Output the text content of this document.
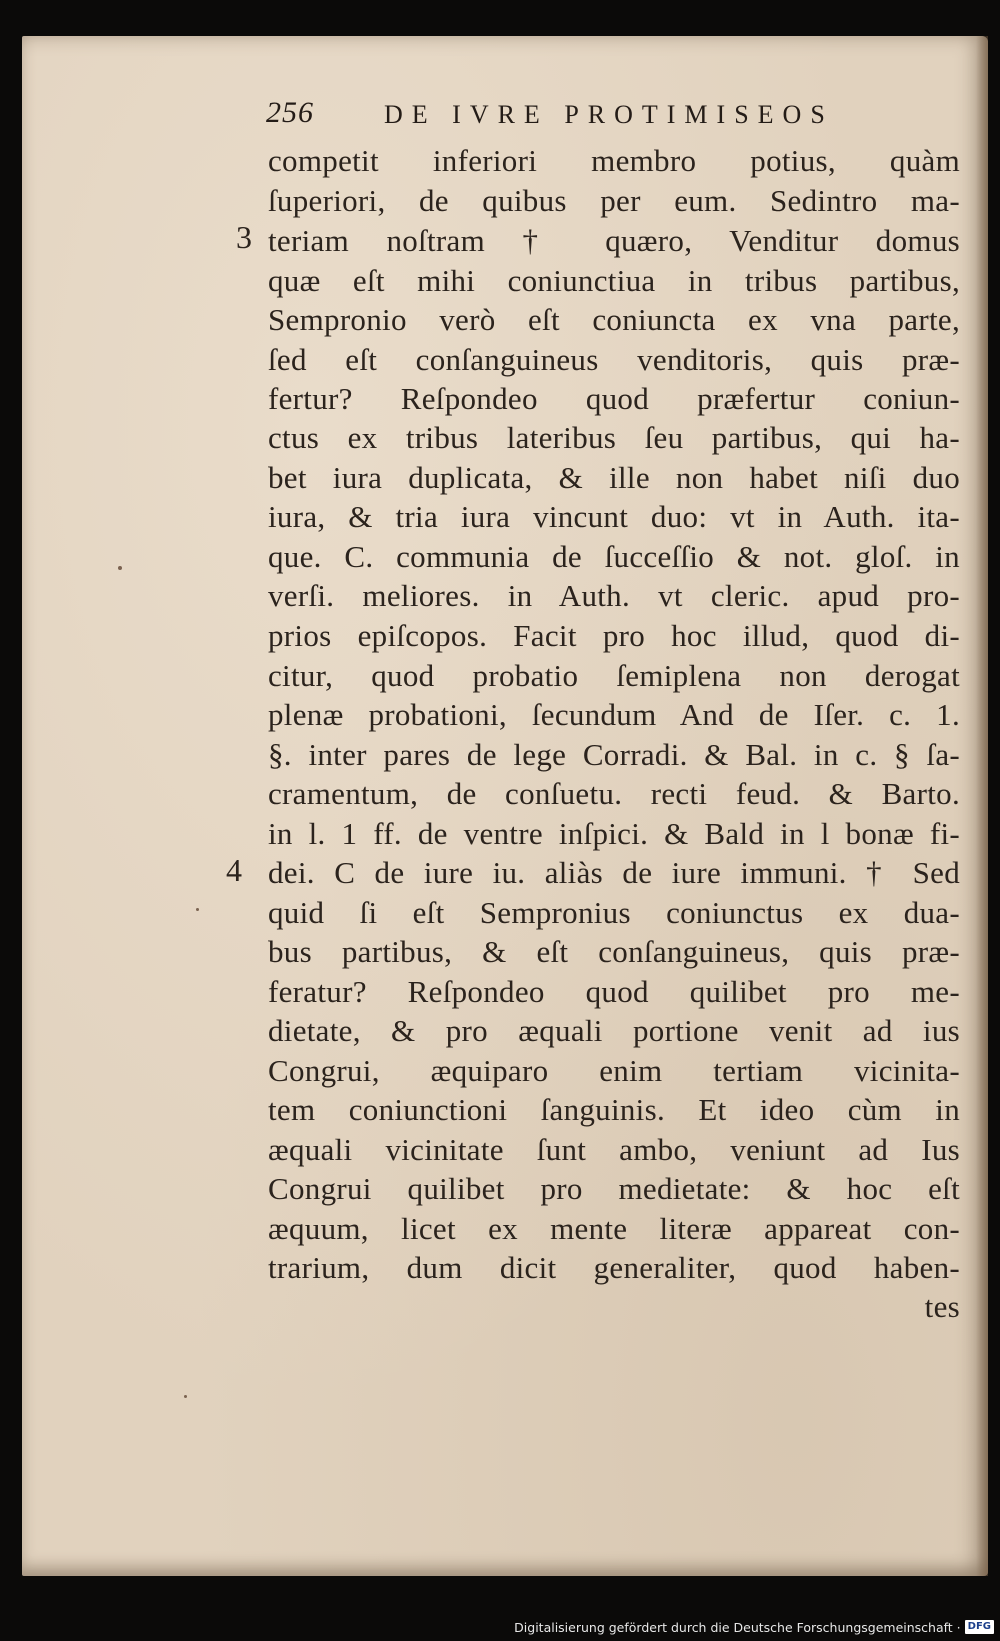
256	DE IVRE PROTIMISEOS
3
4
competit inferiori membro potius, quàm
ſuperiori, de quibus per eum. Sedintro ma-
teriam noſtram † quæro, Venditur domus
quæ eſt mihi coniunctiua in tribus partibus,
Sempronio verò eſt coniuncta ex vna parte,
ſed eſt conſanguineus venditoris, quis præ-
fertur? Reſpondeo quod præfertur coniun-
ctus ex tribus lateribus ſeu partibus, qui ha-
bet iura duplicata, & ille non habet niſi duo
iura, & tria iura vincunt duo: vt in Auth. ita-
que. C. communia de ſucceſſio & not. gloſ. in
verſi. meliores. in Auth. vt cleric. apud pro-
prios epiſcopos. Facit pro hoc illud, quod di-
citur, quod probatio ſemiplena non derogat
plenæ probationi, ſecundum And de Iſer. c. 1.
§. inter pares de lege Corradi. & Bal. in c. § ſa-
cramentum, de conſuetu. recti feud. & Barto.
in l. 1 ff. de ventre inſpici. & Bald in l bonæ fi-
dei. C de iure iu. aliàs de iure immuni. † Sed
quid ſi eſt Sempronius coniunctus ex dua-
bus partibus, & eſt conſanguineus, quis præ-
feratur? Reſpondeo quod quilibet pro me-
dietate, & pro æquali portione venit ad ius
Congrui, æquiparo enim tertiam vicinita-
tem coniunctioni ſanguinis. Et ideo cùm in
æquali vicinitate ſunt ambo, veniunt ad Ius
Congrui quilibet pro medietate: & hoc eſt
æquum, licet ex mente literæ appareat con-
trarium, dum dicit generaliter, quod haben-
tes
Digitalisierung gefördert durch die Deutsche Forschungsgemeinschaft · DFG
